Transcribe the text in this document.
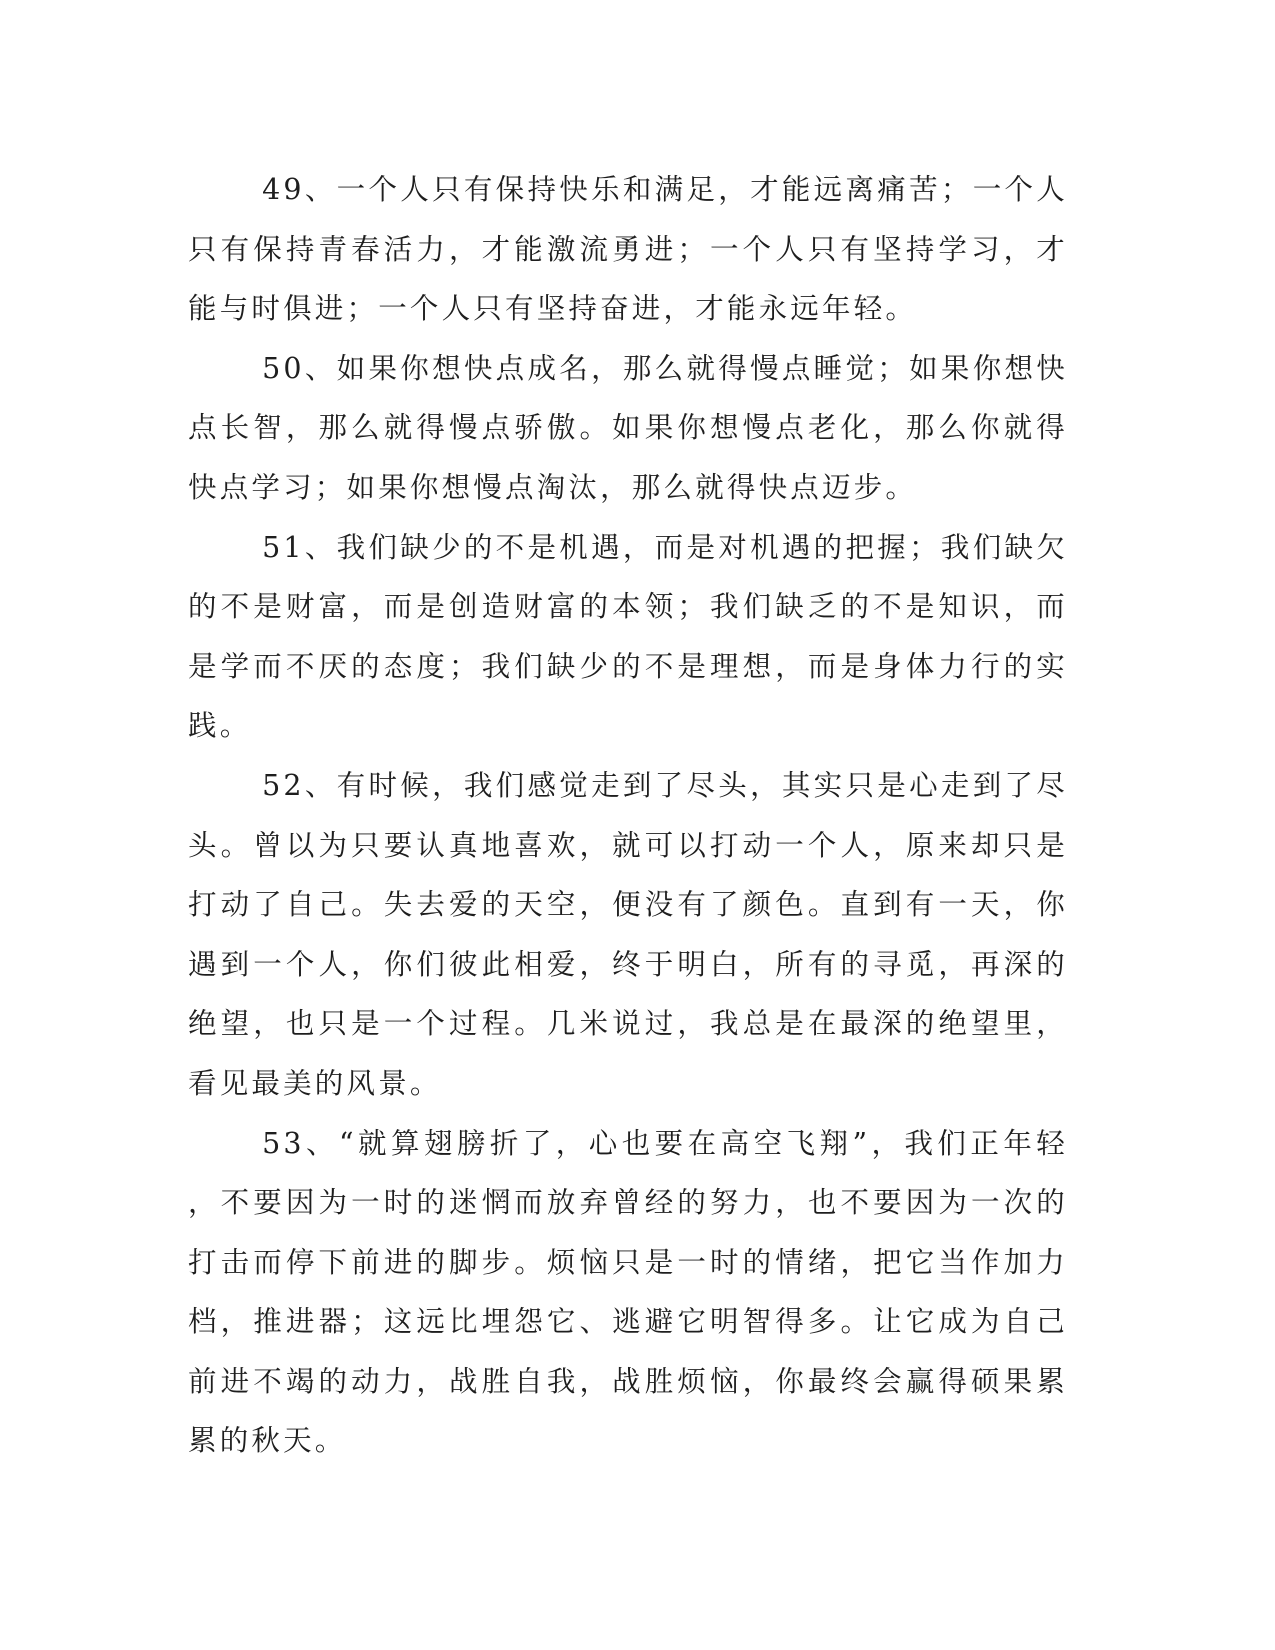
49、一个人只有保持快乐和满足，才能远离痛苦；一个人只有保持青春活力，才能激流勇进；一个人只有坚持学习，才能与时俱进；一个人只有坚持奋进，才能永远年轻。

50、如果你想快点成名，那么就得慢点睡觉；如果你想快点长智，那么就得慢点骄傲。如果你想慢点老化，那么你就得快点学习；如果你想慢点淘汰，那么就得快点迈步。

51、我们缺少的不是机遇，而是对机遇的把握；我们缺欠的不是财富，而是创造财富的本领；我们缺乏的不是知识，而是学而不厌的态度；我们缺少的不是理想，而是身体力行的实践。

52、有时候，我们感觉走到了尽头，其实只是心走到了尽头。曾以为只要认真地喜欢，就可以打动一个人，原来却只是打动了自己。失去爱的天空，便没有了颜色。直到有一天，你遇到一个人，你们彼此相爱，终于明白，所有的寻觅，再深的绝望，也只是一个过程。几米说过，我总是在最深的绝望里，看见最美的风景。

53、“就算翅膀折了，心也要在高空飞翔”，我们正年轻，不要因为一时的迷惘而放弃曾经的努力，也不要因为一次的打击而停下前进的脚步。烦恼只是一时的情绪，把它当作加力档，推进器；这远比埋怨它、逃避它明智得多。让它成为自己前进不竭的动力，战胜自我，战胜烦恼，你最终会赢得硕果累累的秋天。
